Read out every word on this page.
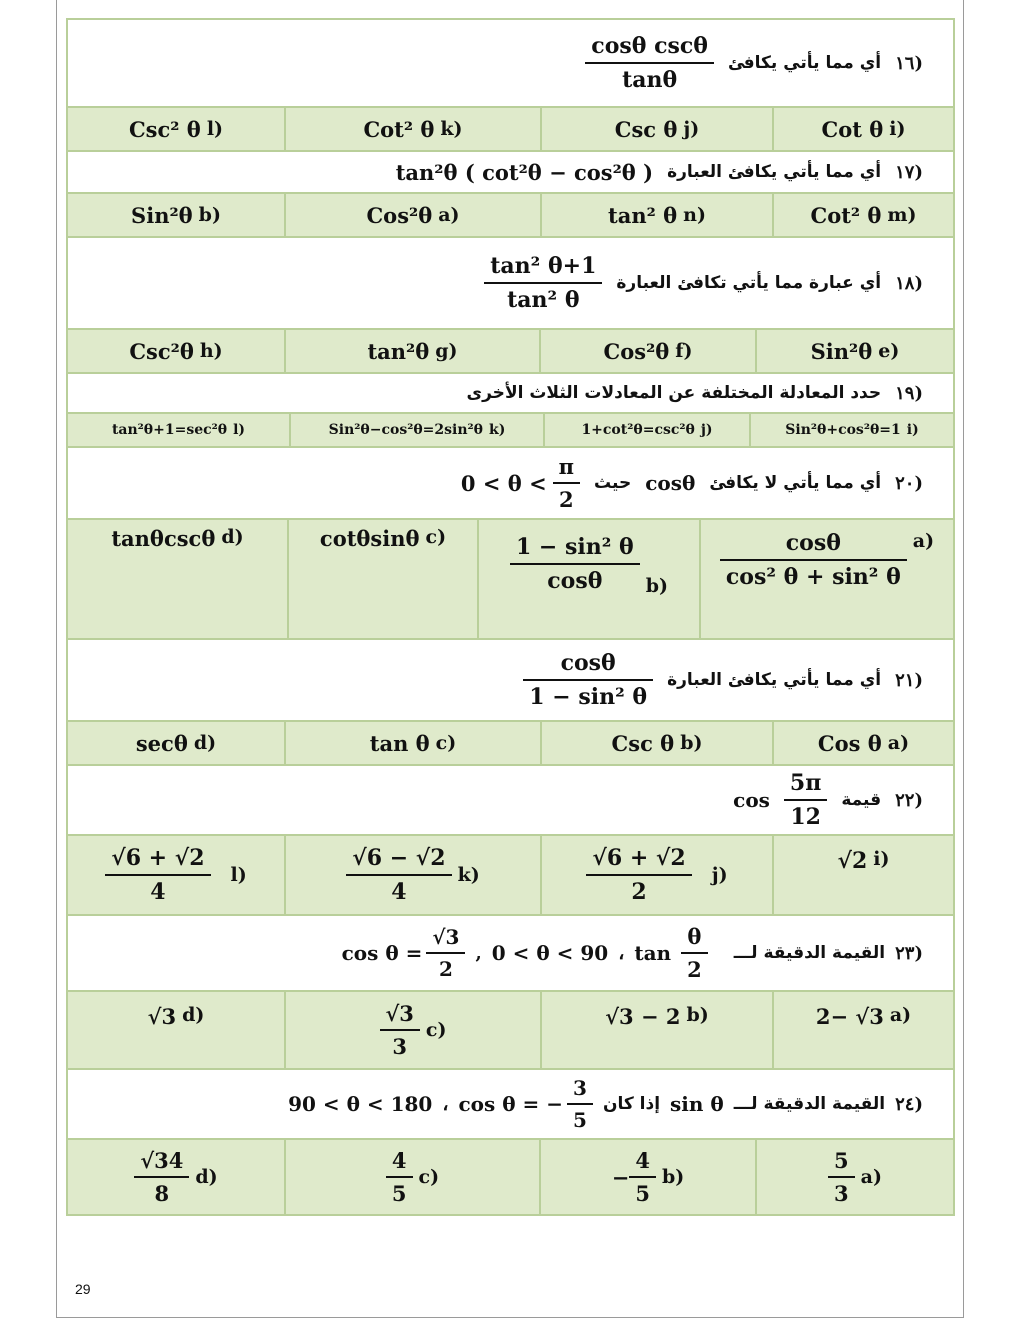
١٦)
أي مما يأتي يكافئ
$\frac{\text{cosθ cscθ}}{\tan\theta}$
Cot θ i)
Csc θ j)
Cot² θ k)
Csc² θ l)
١٧)
أي مما يأتي يكافئ العبارة
tan²θ ( cot²θ − cos²θ )
Cot² θ m)
tan² θ n)
Cos²θ a)
Sin²θ b)
١٨)
أي عبارة مما يأتي تكافئ العبارة
$\frac{\text{tan² θ+1}}{\text{tan² θ}}$
Sin²θ e)
Cos²θ f)
tan²θ g)
Csc²θ h)
١٩)
حدد المعادلة المختلفة عن المعادلات الثلاث الأخرى
Sin²θ+cos²θ=1 i)
1+cot²θ=csc²θ j)
Sin²θ−cos²θ=2sin²θ k)
tan²θ+1=sec²θ l)
٢٠)
أي مما يأتي لا يكافئ
cosθ
حيث
$0 < \theta < \frac{\pi}{2}$
$\frac{\cos\theta}{\text{cos² θ + sin² θ}} a$)
$\frac{\text{1 − sin² θ}}{\cos\theta} b$)
cotθsinθ c)
tanθcscθ d)
٢١)
أي مما يأتي يكافئ العبارة
$\frac{\cos\theta}{\text{1 − sin² θ}}$
Cos θ a)
Csc θ b)
tan θ c)
secθ d)
٢٢)
قيمة
$\frac{5\pi}{12}$
cos
√2 i)
$\frac{√6 + √2}{2} j$)
$\frac{√6 - √2}{4} k$)
$\frac{√6 + √2}{4} l$)
٢٣)
القيمة الدقيقة لـــ
$\frac{\theta}{2}$
tan
،
0 < θ < 90
,
$\cos \theta = \frac{√3}{2}$
2− √3 a)
√3 − 2 b)
$\frac{√3}{3} c$)
√3 d)
٢٤)
القيمة الدقيقة لـــ
sin θ
إذا كان
cos θ = − $\frac{3}{5}$
،
90 < θ < 180
$\frac{5}{3} a$)
− $\frac{4}{5} b$)
$\frac{4}{5} c$)
$\frac{√34}{8} d$)
29
